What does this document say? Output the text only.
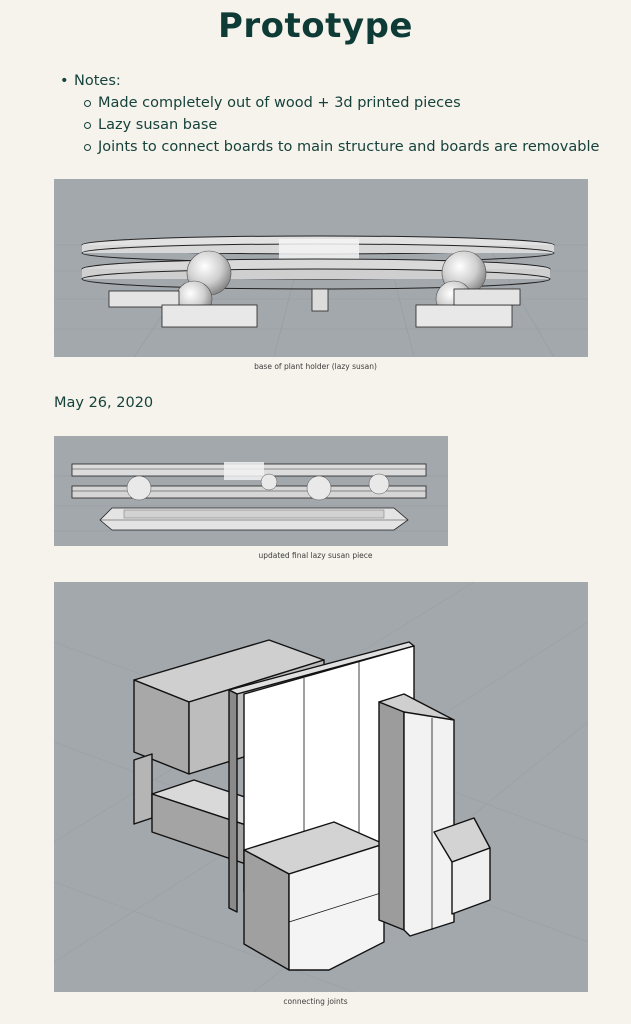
Prototype
• Notes:
Made completely out of wood + 3d printed pieces
Lazy susan base
Joints to connect boards to main structure and boards are removable
base of plant holder (lazy susan)
May 26, 2020
updated final lazy susan piece
connecting joints
